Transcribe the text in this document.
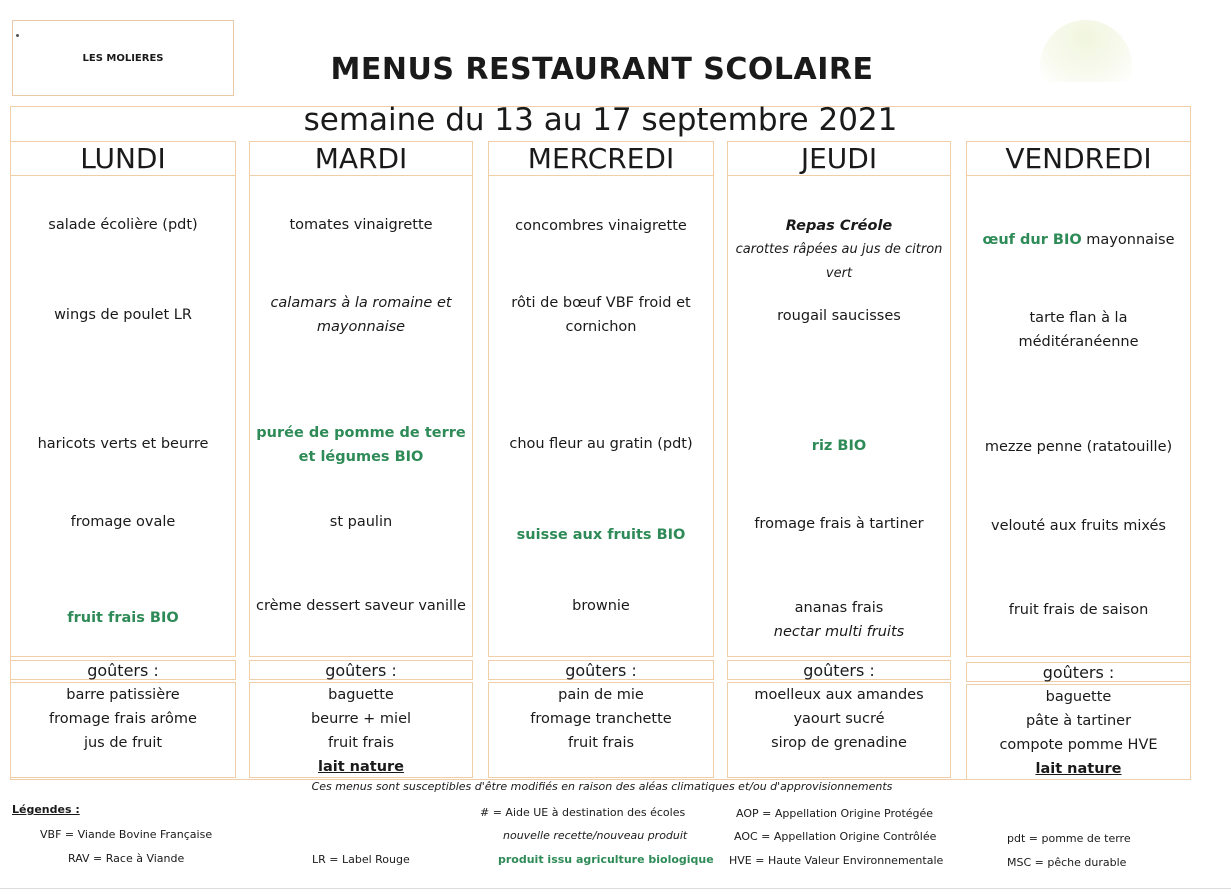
LES MOLIERES	MENUS RESTAURANT SCOLAIRE
semaine du 13 au 17 septembre 2021
LUNDI
salade écolière (pdt)
wings de poulet LR
haricots verts et beurre
fromage ovale
fruit frais BIO
goûters :
barre patissière
fromage frais arôme
jus de fruit
MARDI
tomates vinaigrette
calamars à la romaine et mayonnaise
purée de pomme de terre et légumes BIO
st paulin
crème dessert saveur vanille
goûters :
baguette
beurre + miel
fruit frais
lait nature
MERCREDI
concombres vinaigrette
rôti de bœuf VBF froid et cornichon
chou fleur au gratin (pdt)
suisse aux fruits BIO
brownie
goûters :
pain de mie
fromage tranchette
fruit frais
JEUDI
Repas Créole
carottes râpées au jus de citron vert
rougail saucisses
riz BIO
fromage frais à tartiner
ananas frais
nectar multi fruits
goûters :
moelleux aux amandes
yaourt sucré
sirop de grenadine
VENDREDI
œuf dur BIO mayonnaise
tarte flan à la méditéranéenne
mezze penne (ratatouille)
velouté aux fruits mixés
fruit frais de saison
goûters :
baguette
pâte à tartiner
compote pomme HVE
lait nature
Ces menus sont susceptibles d'être modifiés en raison des aléas climatiques et/ou d'approvisionnements
Légendes :
VBF = Viande Bovine Française
RAV = Race à Viande	LR = Label Rouge
# = Aide UE à destination des écoles
nouvelle recette/nouveau produit
produit issu agriculture biologique
AOP = Appellation Origine Protégée
AOC = Appellation Origine Contrôlée
HVE = Haute Valeur Environnementale
pdt = pomme de terre
MSC = pêche durable
